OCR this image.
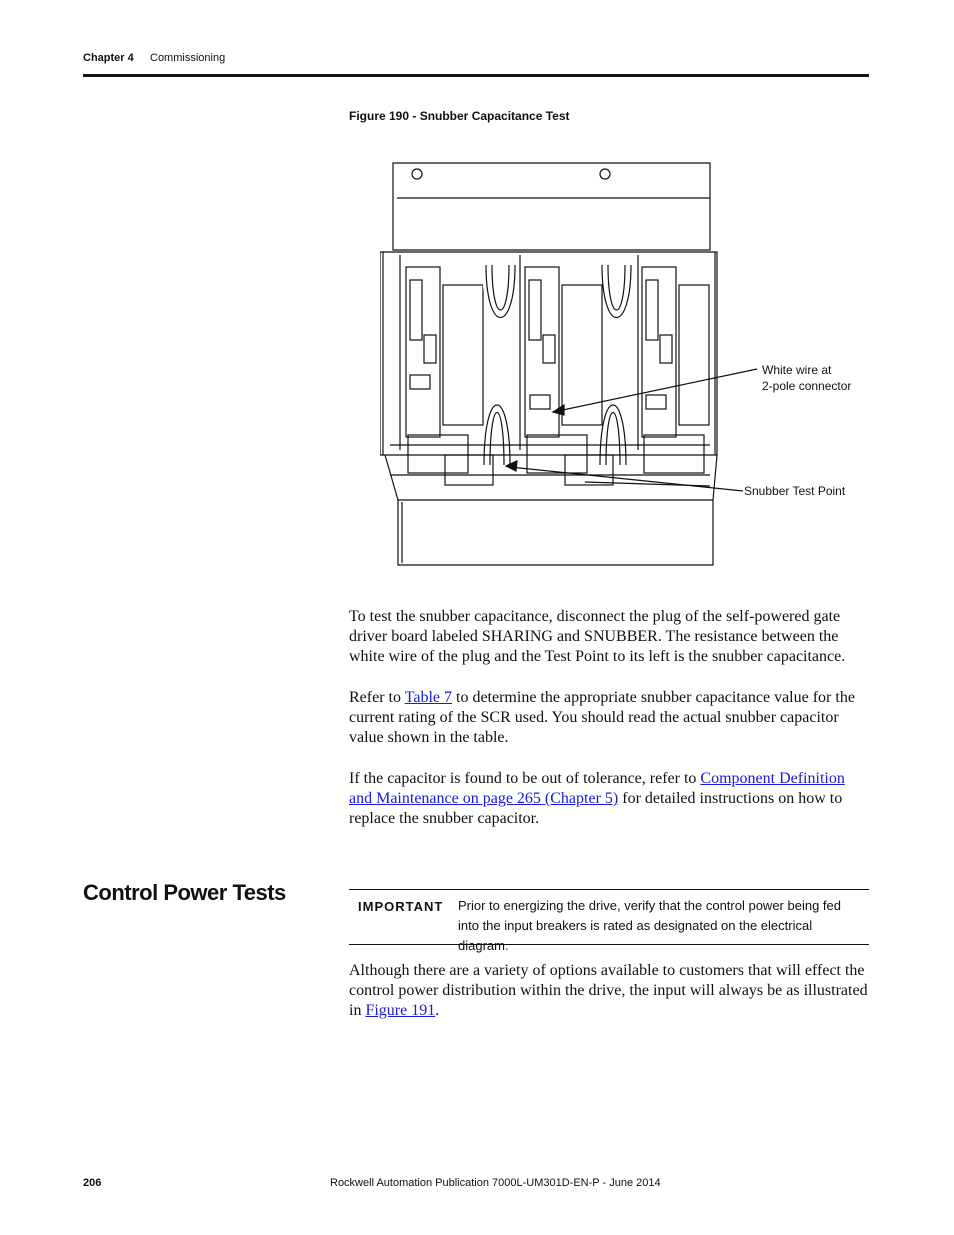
Chapter 4 Commissioning
Figure 190 - Snubber Capacitance Test
White wire at
2-pole connector
Snubber Test Point
To test the snubber capacitance, disconnect the plug of the self-powered gate driver board labeled SHARING and SNUBBER. The resistance between the white wire of the plug and the Test Point to its left is the snubber capacitance.
Refer to Table 7 to determine the appropriate snubber capacitance value for the current rating of the SCR used. You should read the actual snubber capacitor value shown in the table.
If the capacitor is found to be out of tolerance, refer to Component Definition and Maintenance on page 265 (Chapter 5) for detailed instructions on how to replace the snubber capacitor.
Control Power Tests
IMPORTANT Prior to energizing the drive, verify that the control power being fed into the input breakers is rated as designated on the electrical diagram.
Although there are a variety of options available to customers that will effect the control power distribution within the drive, the input will always be as illustrated in Figure 191.
206	Rockwell Automation Publication 7000L-UM301D-EN-P - June 2014
